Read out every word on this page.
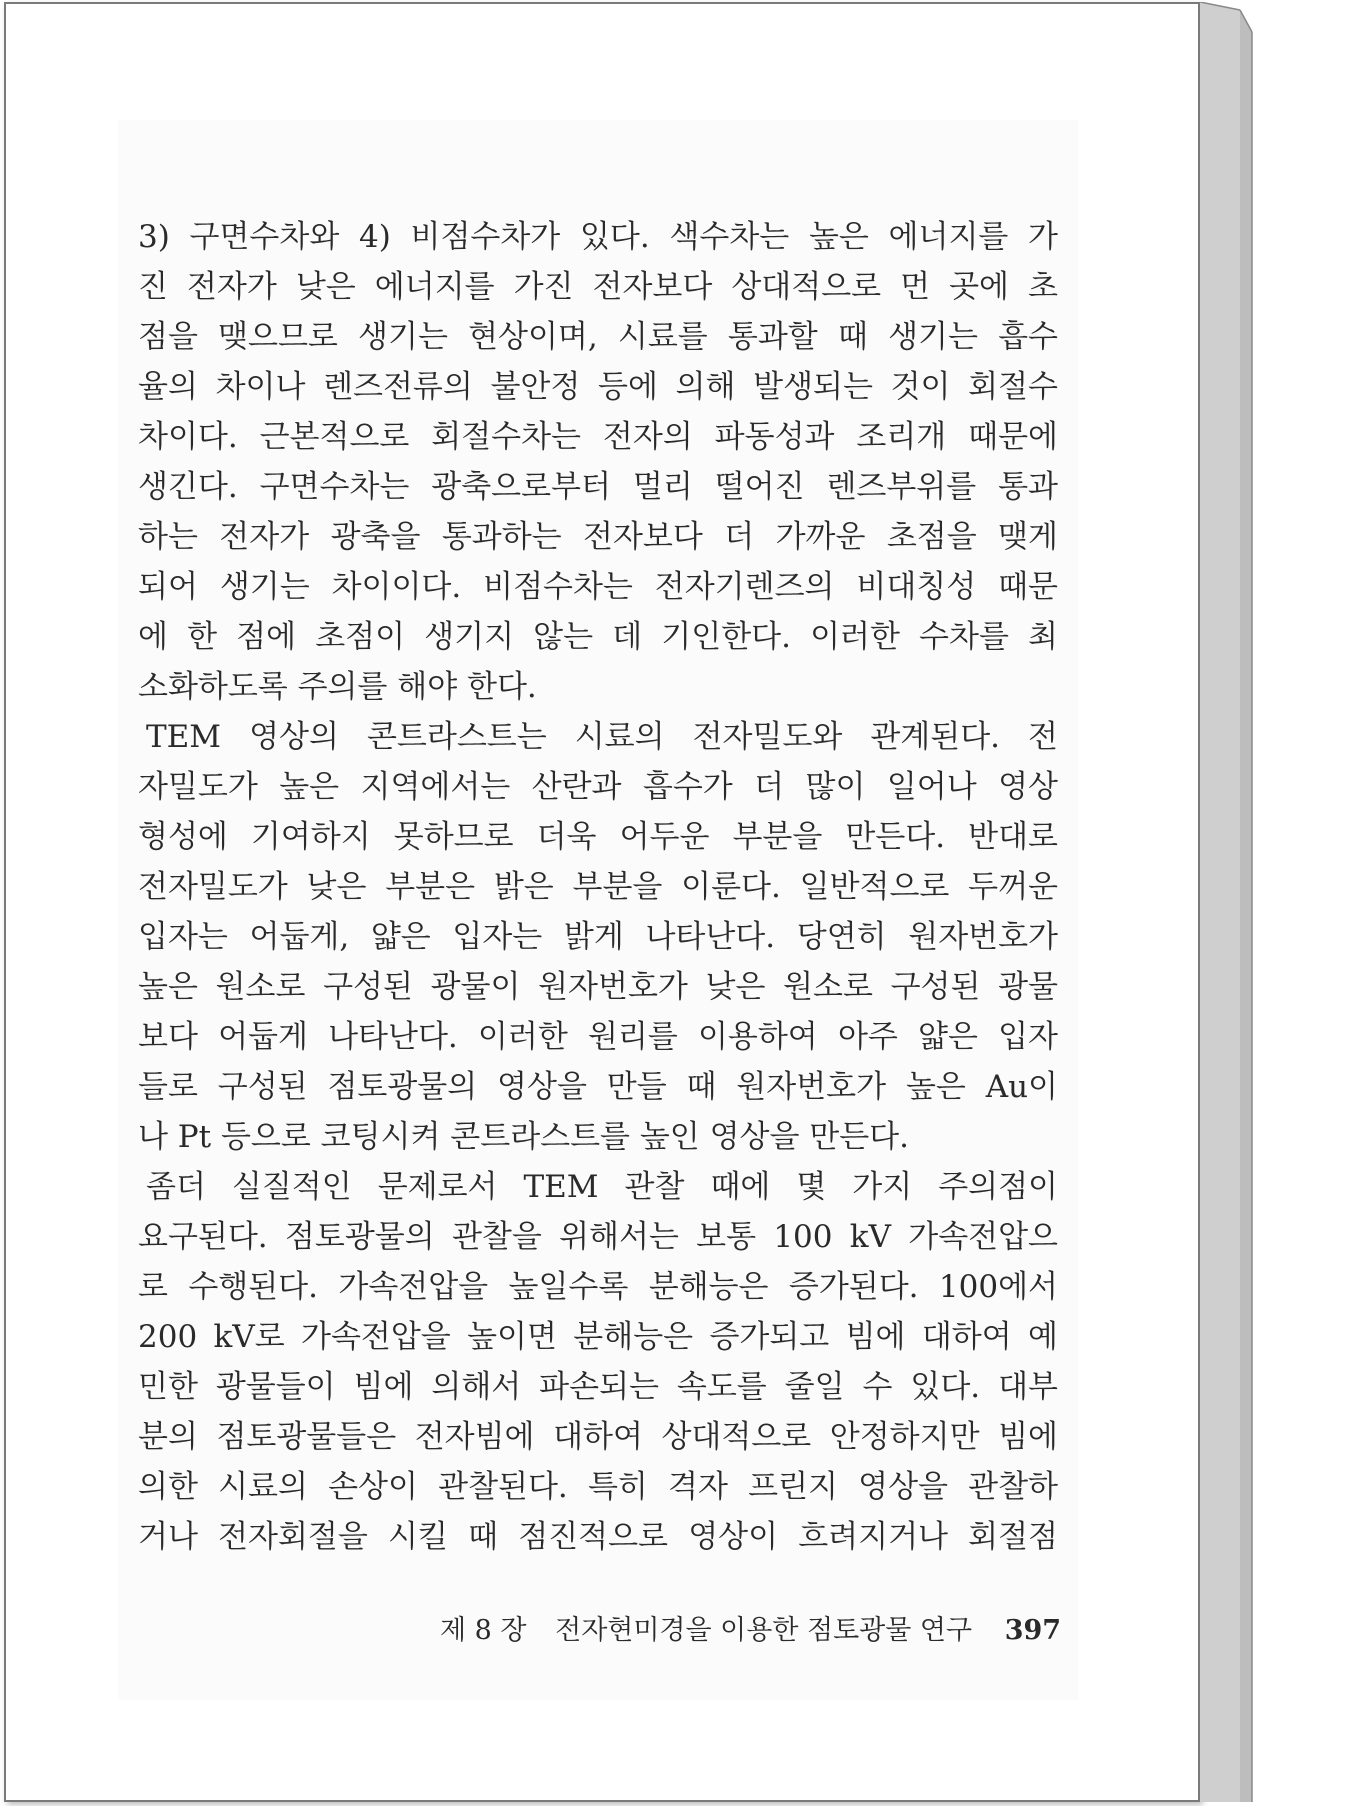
3) 구면수차와 4) 비점수차가 있다. 색수차는 높은 에너지를 가
진 전자가 낮은 에너지를 가진 전자보다 상대적으로 먼 곳에 초
점을 맺으므로 생기는 현상이며, 시료를 통과할 때 생기는 흡수
율의 차이나 렌즈전류의 불안정 등에 의해 발생되는 것이 회절수
차이다. 근본적으로 회절수차는 전자의 파동성과 조리개 때문에
생긴다. 구면수차는 광축으로부터 멀리 떨어진 렌즈부위를 통과
하는 전자가 광축을 통과하는 전자보다 더 가까운 초점을 맺게
되어 생기는 차이이다. 비점수차는 전자기렌즈의 비대칭성 때문
에 한 점에 초점이 생기지 않는 데 기인한다. 이러한 수차를 최
소화하도록 주의를 해야 한다.
TEM 영상의 콘트라스트는 시료의 전자밀도와 관계된다. 전
자밀도가 높은 지역에서는 산란과 흡수가 더 많이 일어나 영상
형성에 기여하지 못하므로 더욱 어두운 부분을 만든다. 반대로
전자밀도가 낮은 부분은 밝은 부분을 이룬다. 일반적으로 두꺼운
입자는 어둡게, 얇은 입자는 밝게 나타난다. 당연히 원자번호가
높은 원소로 구성된 광물이 원자번호가 낮은 원소로 구성된 광물
보다 어둡게 나타난다. 이러한 원리를 이용하여 아주 얇은 입자
들로 구성된 점토광물의 영상을 만들 때 원자번호가 높은 Au이
나 Pt 등으로 코팅시켜 콘트라스트를 높인 영상을 만든다.
좀더 실질적인 문제로서 TEM 관찰 때에 몇 가지 주의점이
요구된다. 점토광물의 관찰을 위해서는 보통 100 kV 가속전압으
로 수행된다. 가속전압을 높일수록 분해능은 증가된다. 100에서
200 kV로 가속전압을 높이면 분해능은 증가되고 빔에 대하여 예
민한 광물들이 빔에 의해서 파손되는 속도를 줄일 수 있다. 대부
분의 점토광물들은 전자빔에 대하여 상대적으로 안정하지만 빔에
의한 시료의 손상이 관찰된다. 특히 격자 프린지 영상을 관찰하
거나 전자회절을 시킬 때 점진적으로 영상이 흐려지거나 회절점
제 8 장 전자현미경을 이용한 점토광물 연구 397
